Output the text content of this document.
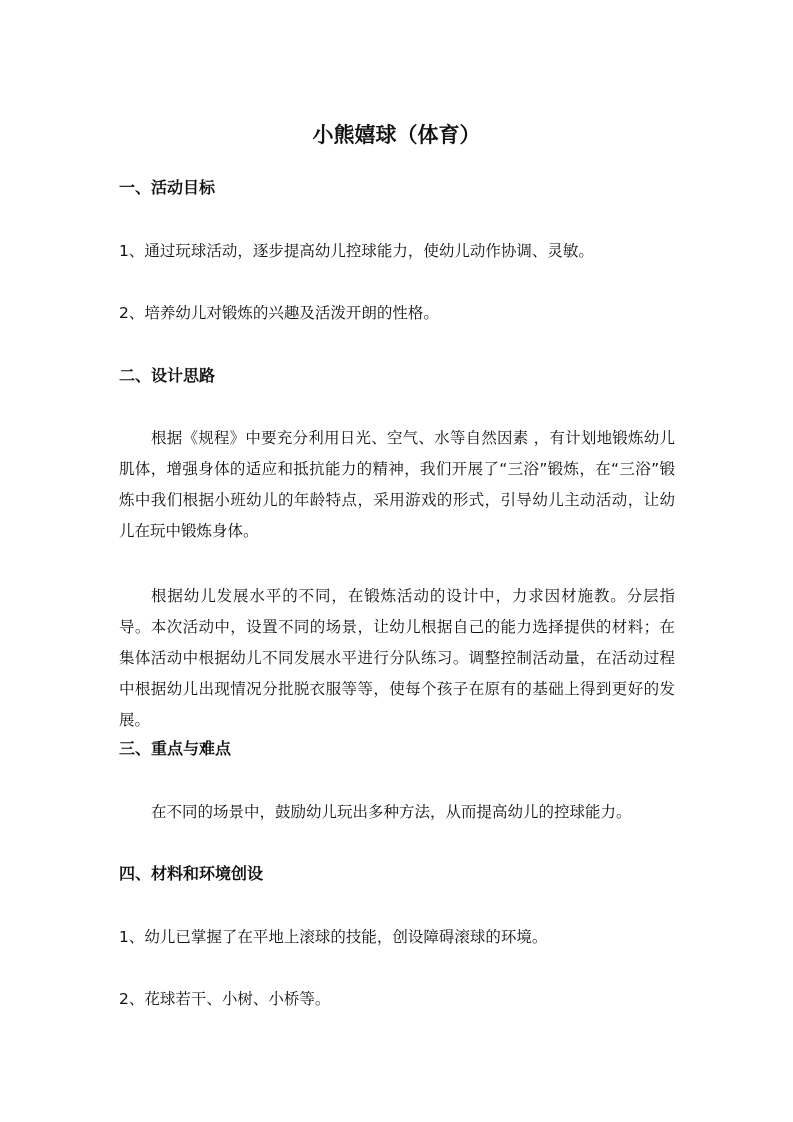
小熊嬉球（体育）
一、活动目标
1、通过玩球活动，逐步提高幼儿控球能力，使幼儿动作协调、灵敏。
2、培养幼儿对锻炼的兴趣及活泼开朗的性格。
二、设计思路
根据《规程》中要充分利用日光、空气、水等自然因素 ，有计划地锻炼幼儿肌体，增强身体的适应和抵抗能力的精神，我们开展了“三浴”锻炼，在“三浴”锻炼中我们根据小班幼儿的年龄特点，采用游戏的形式，引导幼儿主动活动，让幼儿在玩中锻炼身体。
根据幼儿发展水平的不同，在锻炼活动的设计中，力求因材施教。分层指导。本次活动中，设置不同的场景，让幼儿根据自己的能力选择提供的材料；在集体活动中根据幼儿不同发展水平进行分队练习。调整控制活动量，在活动过程中根据幼儿出现情况分批脱衣服等等，使每个孩子在原有的基础上得到更好的发展。
三、重点与难点
在不同的场景中，鼓励幼儿玩出多种方法，从而提高幼儿的控球能力。
四、材料和环境创设
1、幼儿已掌握了在平地上滚球的技能，创设障碍滚球的环境。
2、花球若干、小树、小桥等。
